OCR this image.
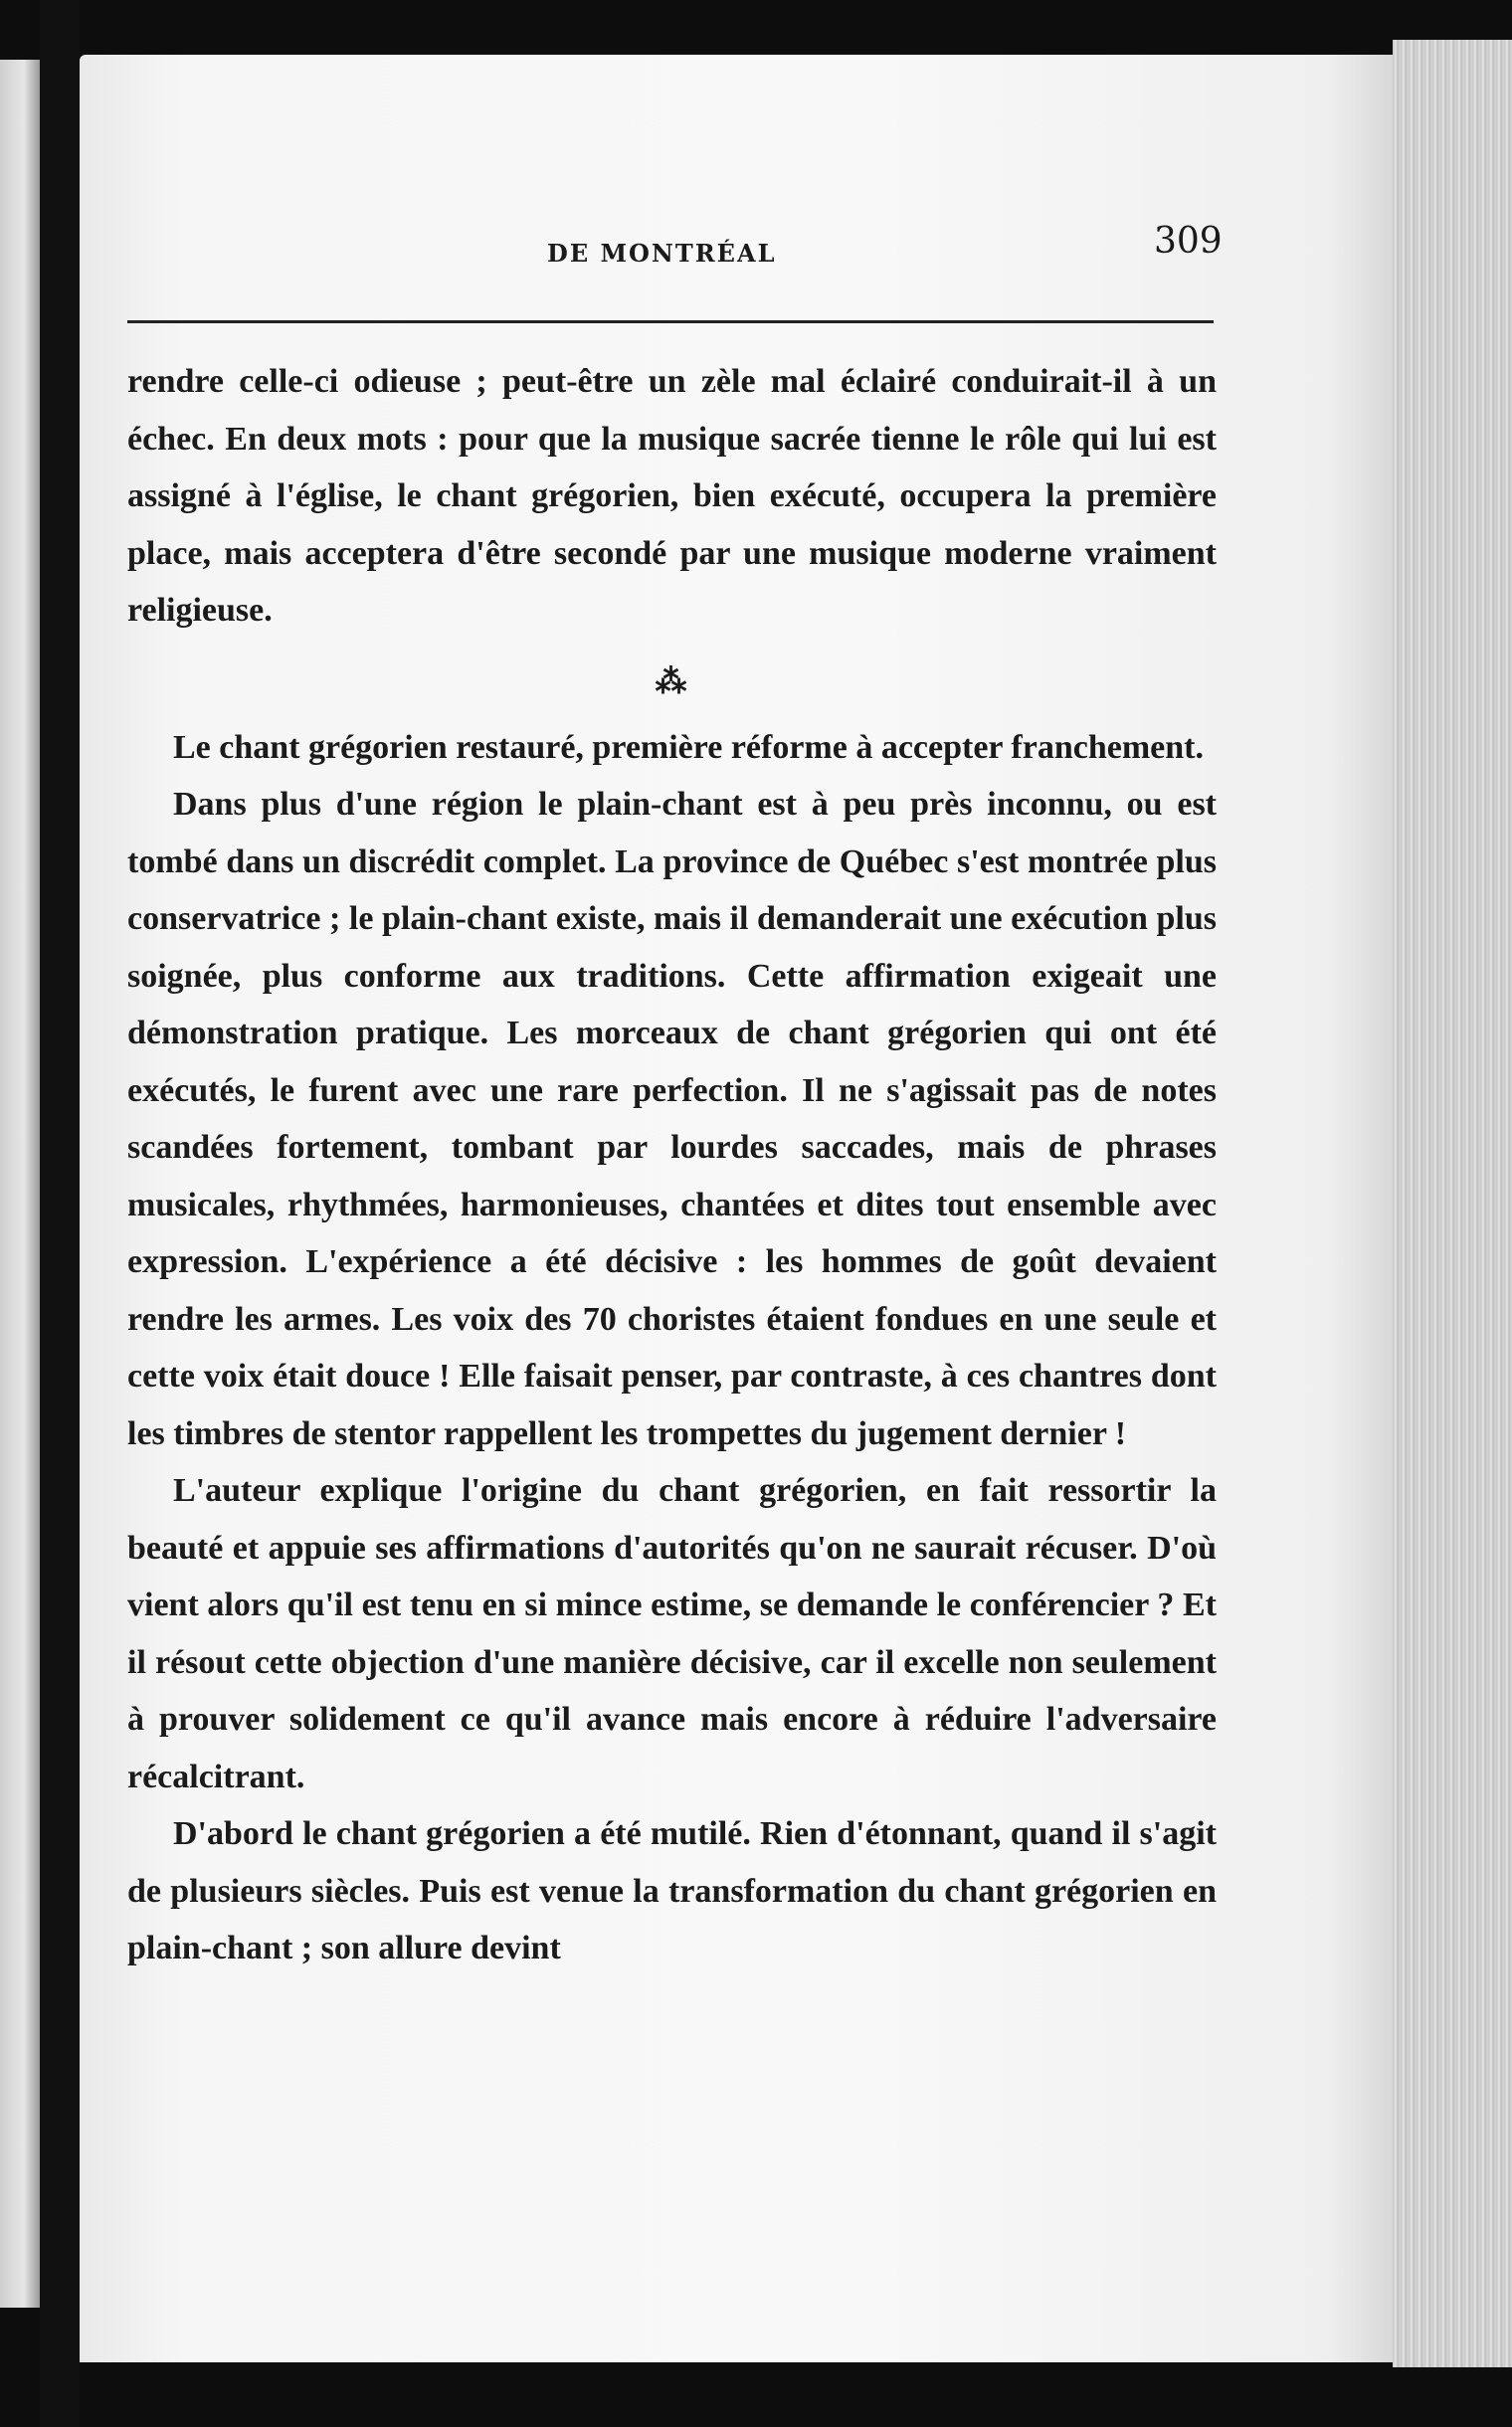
DE MONTRÉAL	309

rendre celle-ci odieuse ; peut-être un zèle mal éclairé conduirait-il à un échec. En deux mots : pour que la musique sacrée tienne le rôle qui lui est assigné à l'église, le chant grégorien, bien exécuté, occupera la première place, mais acceptera d'être secondé par une musique moderne vraiment religieuse.

⁂

Le chant grégorien restauré, première réforme à accepter franchement.

Dans plus d'une région le plain-chant est à peu près inconnu, ou est tombé dans un discrédit complet. La province de Québec s'est montrée plus conservatrice ; le plain-chant existe, mais il demanderait une exécution plus soignée, plus conforme aux traditions. Cette affirmation exigeait une démonstration pratique. Les morceaux de chant grégorien qui ont été exécutés, le furent avec une rare perfection. Il ne s'agissait pas de notes scandées fortement, tombant par lourdes saccades, mais de phrases musicales, rhythmées, harmonieuses, chantées et dites tout ensemble avec expression. L'expérience a été décisive : les hommes de goût devaient rendre les armes. Les voix des 70 choristes étaient fondues en une seule et cette voix était douce ! Elle faisait penser, par contraste, à ces chantres dont les timbres de stentor rappellent les trompettes du jugement dernier !

L'auteur explique l'origine du chant grégorien, en fait ressortir la beauté et appuie ses affirmations d'autorités qu'on ne saurait récuser. D'où vient alors qu'il est tenu en si mince estime, se demande le conférencier ? Et il résout cette objection d'une manière décisive, car il excelle non seulement à prouver solidement ce qu'il avance mais encore à réduire l'adversaire récalcitrant.

D'abord le chant grégorien a été mutilé. Rien d'étonnant, quand il s'agit de plusieurs siècles. Puis est venue la transformation du chant grégorien en plain-chant ; son allure devint
